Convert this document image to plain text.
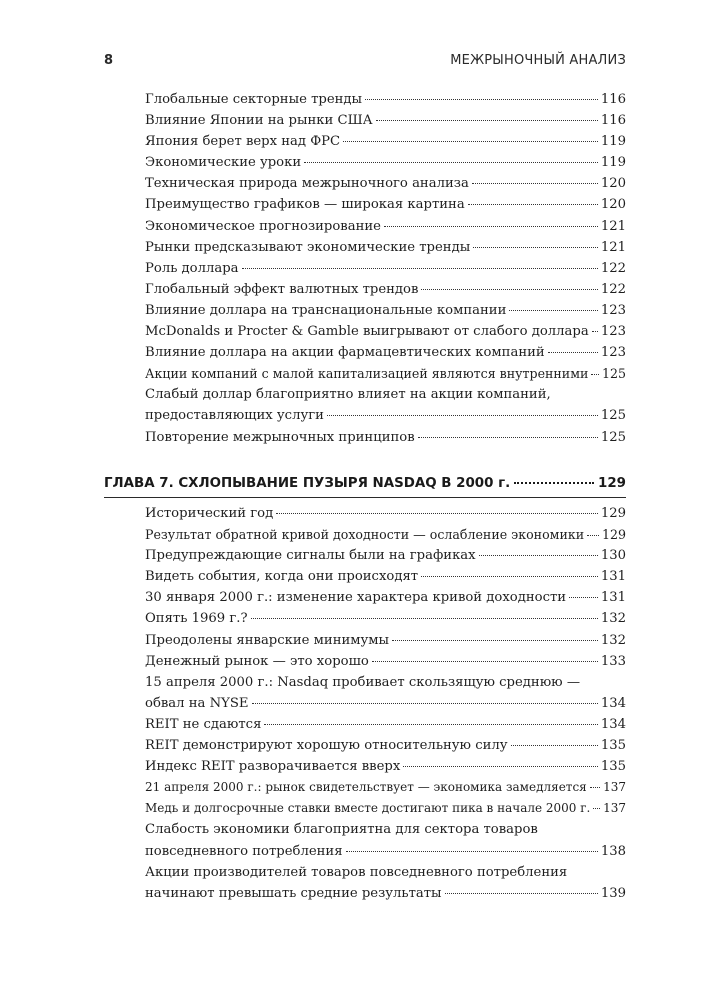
8	МЕЖРЫНОЧНЫЙ АНАЛИЗ
Глобальные секторные тренды	116
Влияние Японии на рынки США	116
Япония берет верх над ФРС	119
Экономические уроки	119
Техническая природа межрыночного анализа	120
Преимущество графиков — широкая картина	120
Экономическое прогнозирование	121
Рынки предсказывают экономические тренды	121
Роль доллара	122
Глобальный эффект валютных трендов	122
Влияние доллара на транснациональные компании	123
McDonalds и Procter & Gamble выигрывают от слабого доллара 123
Влияние доллара на акции фармацевтических компаний	123
Акции компаний с малой капитализацией являются внутренними 125
Слабый доллар благоприятно влияет на акции компаний,
предоставляющих услуги	125
Повторение межрыночных принципов	125
ГЛАВА 7. СХЛОПЫВАНИЕ ПУЗЫРЯ NASDAQ В 2000 г.	129
Исторический год	129
Результат обратной кривой доходности — ослабление экономики 129
Предупреждающие сигналы были на графиках	130
Видеть события, когда они происходят	131
30 января 2000 г.: изменение характера кривой доходности	131
Опять 1969 г.?	132
Преодолены январские минимумы	132
Денежный рынок — это хорошо	133
15 апреля 2000 г.: Nasdaq пробивает скользящую среднюю —
обвал на NYSE	134
REIT не сдаются	134
REIT демонстрируют хорошую относительную силу	135
Индекс REIT разворачивается вверх	135
21 апреля 2000 г.: рынок свидетельствует — экономика замедляется 137
Медь и долгосрочные ставки вместе достигают пика в начале 2000 г. 137
Слабость экономики благоприятна для сектора товаров
повседневного потребления	138
Акции производителей товаров повседневного потребления
начинают превышать средние результаты	139
